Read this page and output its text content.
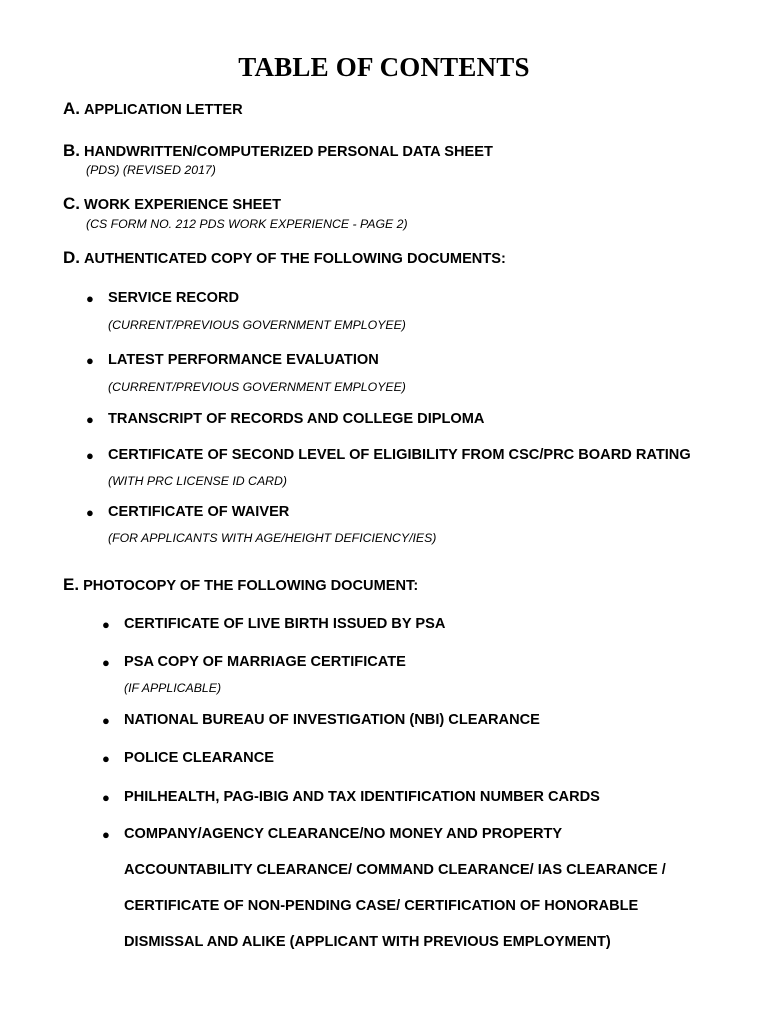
TABLE OF CONTENTS
A. APPLICATION LETTER
B. HANDWRITTEN/COMPUTERIZED PERSONAL DATA SHEET
(PDS) (REVISED 2017)
C. WORK EXPERIENCE SHEET
(CS FORM NO. 212 PDS WORK EXPERIENCE - PAGE 2)
D. AUTHENTICATED COPY OF THE FOLLOWING DOCUMENTS:
● SERVICE RECORD
(CURRENT/PREVIOUS GOVERNMENT EMPLOYEE)
● LATEST PERFORMANCE EVALUATION
(CURRENT/PREVIOUS GOVERNMENT EMPLOYEE)
● TRANSCRIPT OF RECORDS AND COLLEGE DIPLOMA
● CERTIFICATE OF SECOND LEVEL OF ELIGIBILITY FROM CSC/PRC BOARD RATING
(WITH PRC LICENSE ID CARD)
● CERTIFICATE OF WAIVER
(FOR APPLICANTS WITH AGE/HEIGHT DEFICIENCY/IES)
E. PHOTOCOPY OF THE FOLLOWING DOCUMENT:
● CERTIFICATE OF LIVE BIRTH ISSUED BY PSA
● PSA COPY OF MARRIAGE CERTIFICATE
(IF APPLICABLE)
● NATIONAL BUREAU OF INVESTIGATION (NBI) CLEARANCE
● POLICE CLEARANCE
● PHILHEALTH, PAG-IBIG AND TAX IDENTIFICATION NUMBER CARDS
● COMPANY/AGENCY CLEARANCE/NO MONEY AND PROPERTY
ACCOUNTABILITY CLEARANCE/ COMMAND CLEARANCE/ IAS CLEARANCE /
CERTIFICATE OF NON-PENDING CASE/ CERTIFICATION OF HONORABLE
DISMISSAL AND ALIKE (APPLICANT WITH PREVIOUS EMPLOYMENT)
